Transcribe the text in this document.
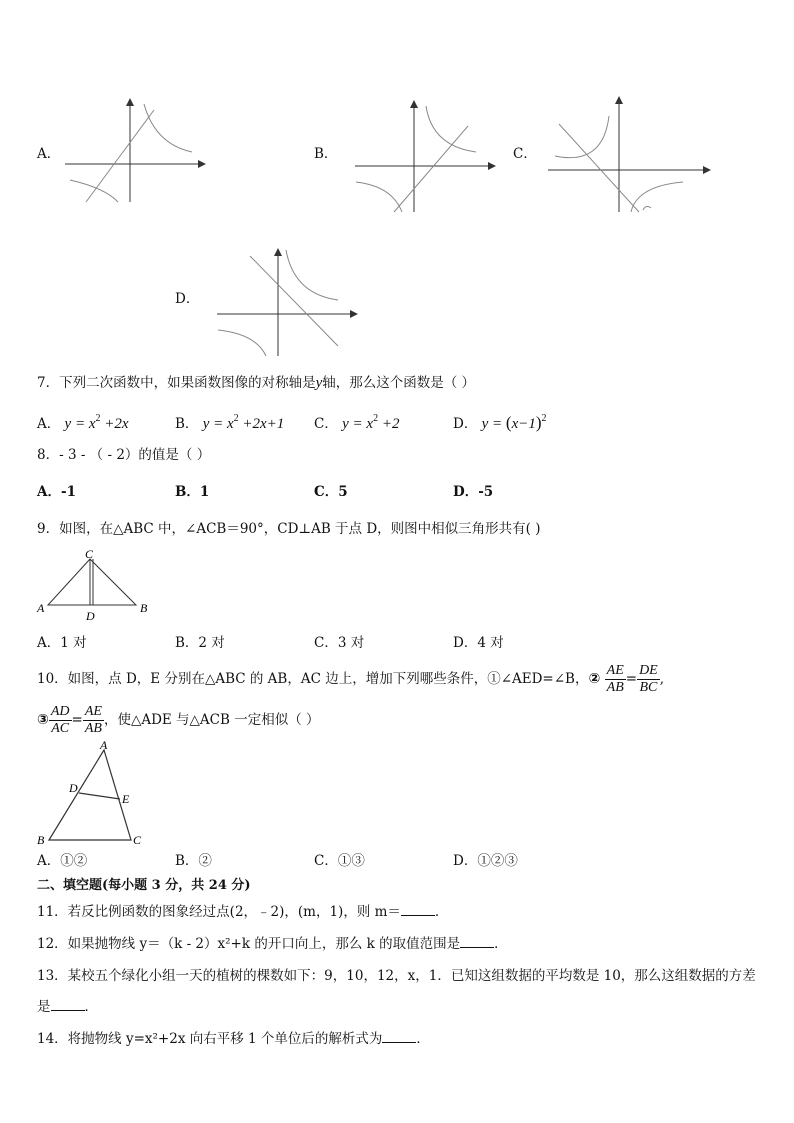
A．	B．	C．
D．
7．下列二次函数中，如果函数图像的对称轴是y轴，那么这个函数是（ ）
A． $y = x^2 +2x$	B． $y = x^2 +2x+1$ C． $y = x^2 +2$	D． $y = (x-1)^2$
8．- 3 - （ - 2）的值是（ ）
A．-1	B．1	C．5	D．-5
9．如图，在△ABC 中，∠ACB＝90°，CD⊥AB 于点 D，则图中相似三角形共有( )
C
A	B
D
A．1 对	B．2 对	C．3 对	D．4 对
10．如图，点 D，E 分别在△ABC 的 AB，AC 边上，增加下列哪些条件，①∠AED=∠B，② $\frac{AE}{AB} = \frac{DE}{BC}$ ,
③ $\frac{AD}{AC} = \frac{AE}{AB}$ ，使△ADE 与△ACB 一定相似（ ）
A
D
E
B	C
A．①②	B．②	C．①③	D．①②③
二、填空题(每小题 3 分，共 24 分)
11．若反比例函数的图象经过点(2，﹣2)，(m，1)，则 m＝	．
12．如果抛物线 y＝（k - 2）x²+k 的开口向上，那么 k 的取值范围是	．
13．某校五个绿化小组一天的植树的棵数如下：9，10，12，x，1．已知这组数据的平均数是 10，那么这组数据的方差
是	．
14．将抛物线 y=x²+2x 向右平移 1 个单位后的解析式为	．
